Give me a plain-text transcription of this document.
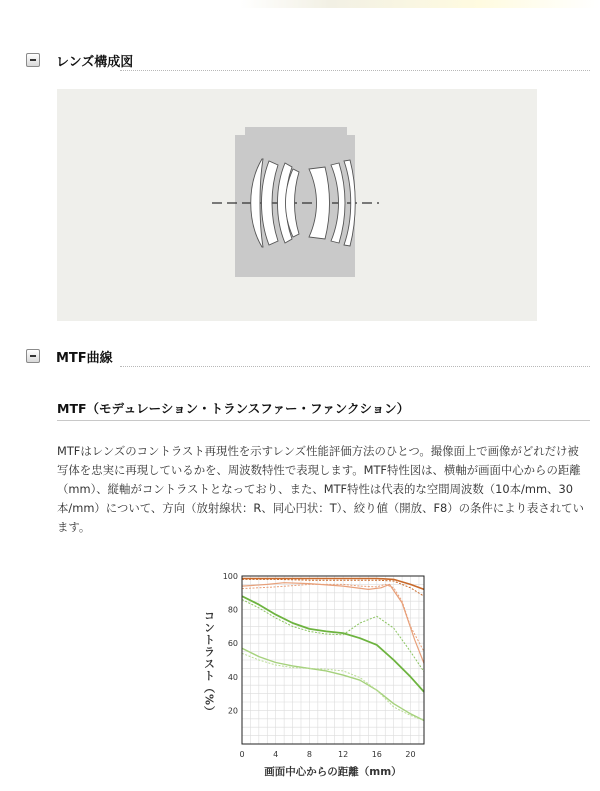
レンズ構成図
MTF曲線
MTF（モデュレーション・トランスファー・ファンクション）
MTFはレンズのコントラスト再現性を示すレンズ性能評価方法のひとつ。撮像面上で画像がどれだけ被写体を忠実に再現しているかを、周波数特性で表現します。MTF特性図は、横軸が画面中心からの距離（mm）、縦軸がコントラストとなっており、また、MTF特性は代表的な空間周波数（10本/mm、30本/mm）について、方向（放射線状：R、同心円状：T）、絞り値（開放、F8）の条件により表されています。
0	4	8	12	16	20
20
40
60
80
100
コントラスト（%）
画面中心からの距離（mm）
